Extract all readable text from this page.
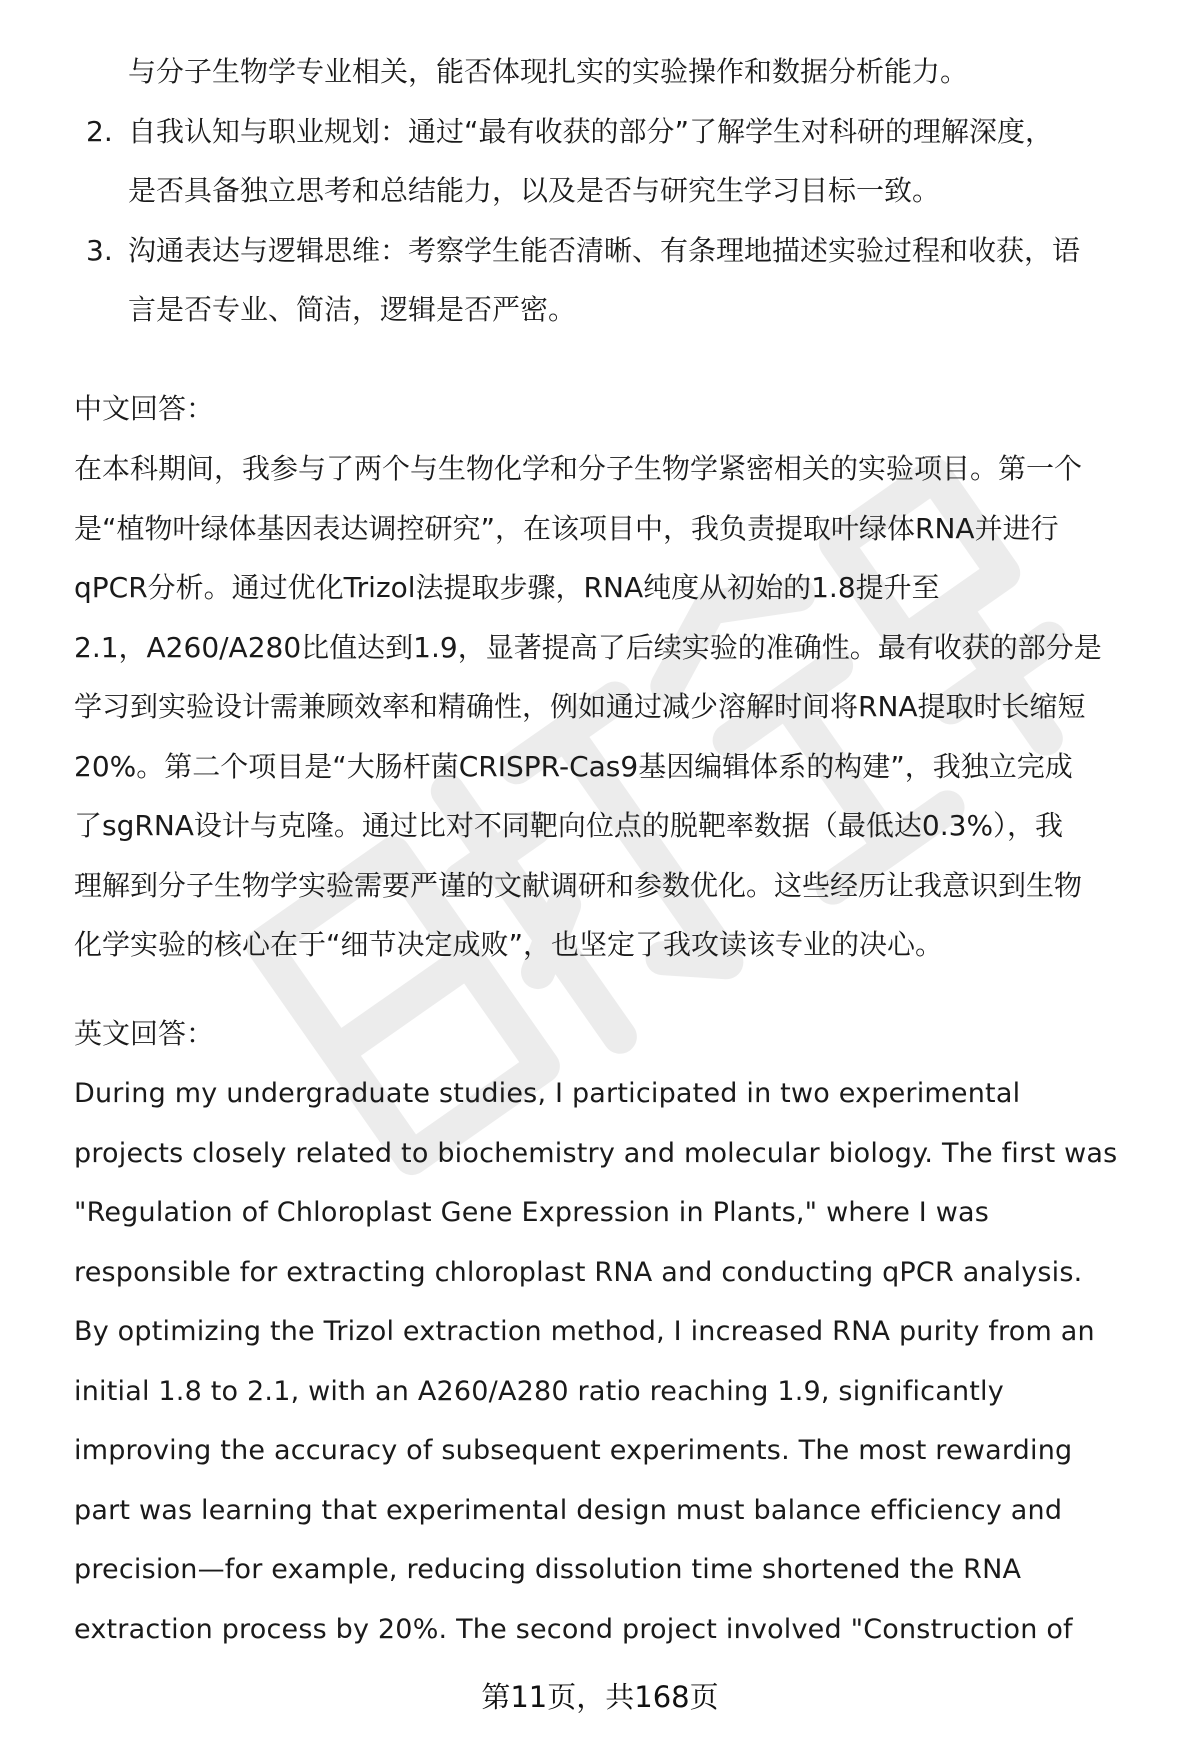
与分子生物学专业相关，能否体现扎实的实验操作和数据分析能力。
2. 自我认知与职业规划：通过“最有收获的部分”了解学生对科研的理解深度，
是否具备独立思考和总结能力，以及是否与研究生学习目标一致。
3. 沟通表达与逻辑思维：考察学生能否清晰、有条理地描述实验过程和收获，语
言是否专业、简洁，逻辑是否严密。
中文回答：
在本科期间，我参与了两个与生物化学和分子生物学紧密相关的实验项目。第一个
是“植物叶绿体基因表达调控研究”，在该项目中，我负责提取叶绿体RNA并进行
qPCR分析。通过优化Trizol法提取步骤，RNA纯度从初始的1.8提升至
2.1，A260/A280比值达到1.9，显著提高了后续实验的准确性。最有收获的部分是
学习到实验设计需兼顾效率和精确性，例如通过减少溶解时间将RNA提取时长缩短
20%。第二个项目是“大肠杆菌CRISPR-Cas9基因编辑体系的构建”，我独立完成
了sgRNA设计与克隆。通过比对不同靶向位点的脱靶率数据（最低达0.3%），我
理解到分子生物学实验需要严谨的文献调研和参数优化。这些经历让我意识到生物
化学实验的核心在于“细节决定成败”，也坚定了我攻读该专业的决心。
英文回答：
During my undergraduate studies, I participated in two experimental
projects closely related to biochemistry and molecular biology. The first was
"Regulation of Chloroplast Gene Expression in Plants," where I was
responsible for extracting chloroplast RNA and conducting qPCR analysis.
By optimizing the Trizol extraction method, I increased RNA purity from an
initial 1.8 to 2.1, with an A260/A280 ratio reaching 1.9, significantly
improving the accuracy of subsequent experiments. The most rewarding
part was learning that experimental design must balance efficiency and
precision—for example, reducing dissolution time shortened the RNA
extraction process by 20%. The second project involved "Construction of
第11页，共168页
